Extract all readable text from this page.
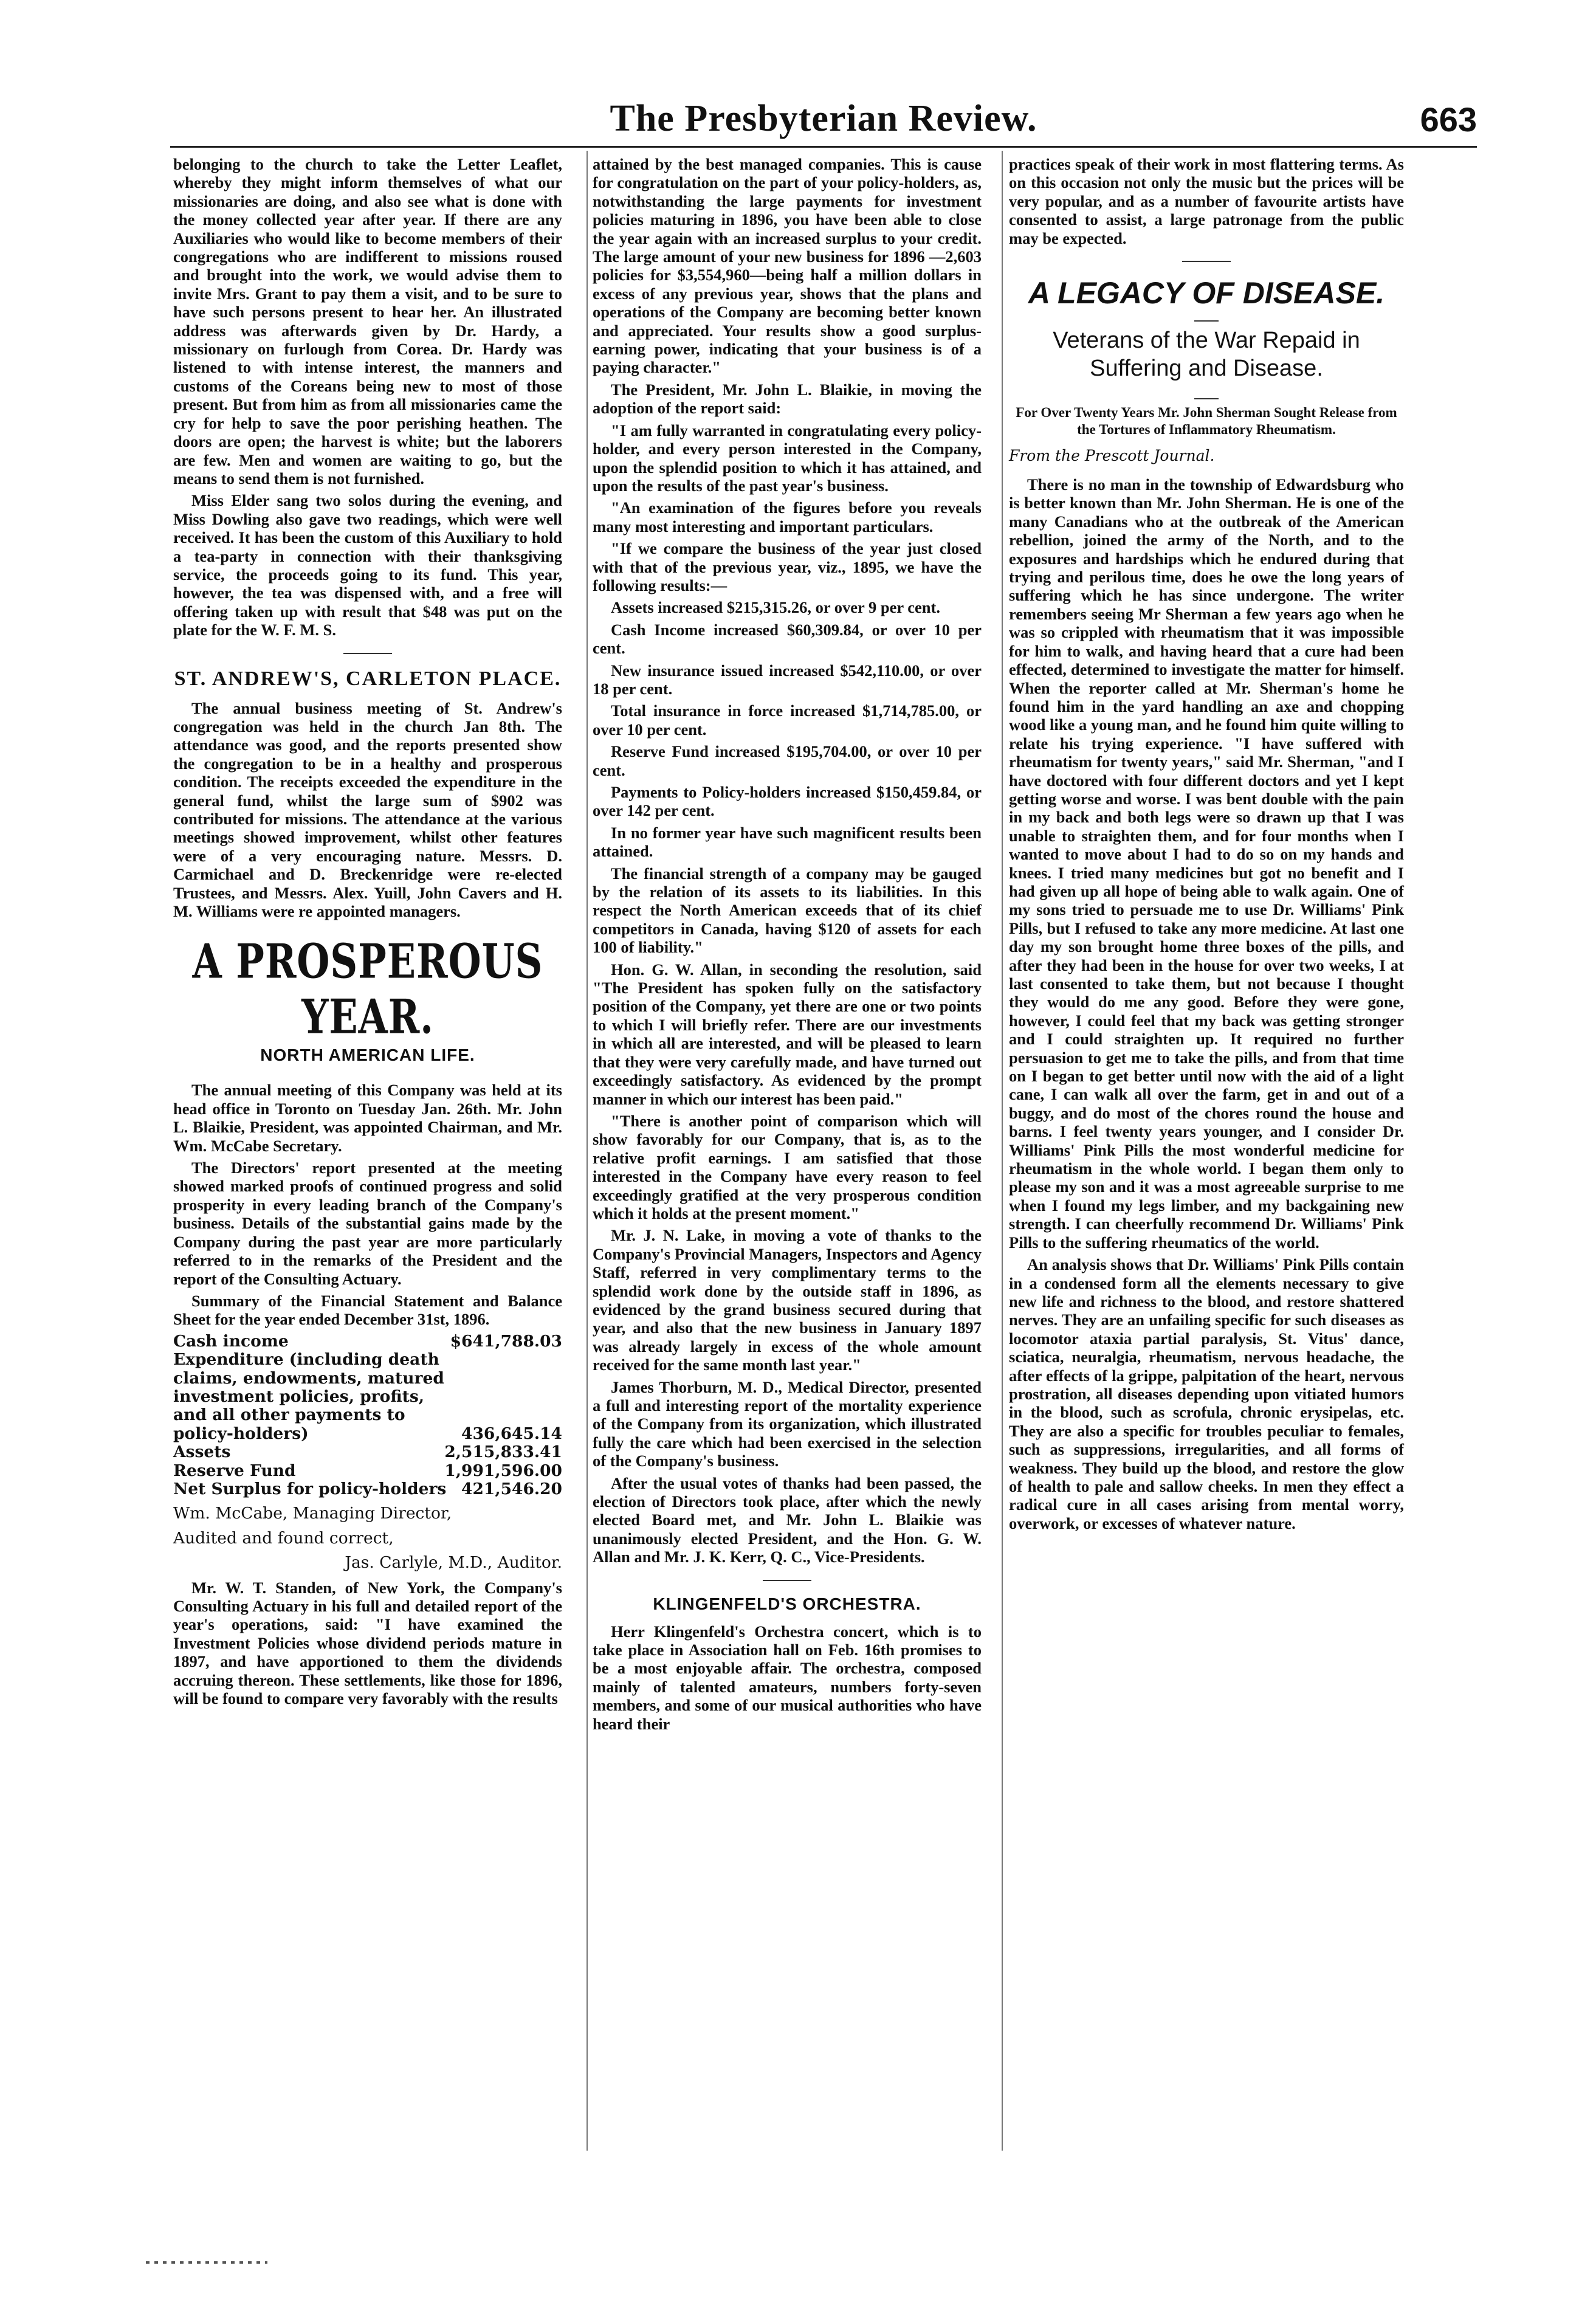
The Presbyterian Review.	663

belonging to the church to take the Letter Leaflet, whereby they might inform themselves of what our missionaries are doing, and also see what is done with the money collected year after year. If there are any Auxiliaries who would like to become members of their congregations who are indifferent to missions roused and brought into the work, we would advise them to invite Mrs. Grant to pay them a visit, and to be sure to have such persons present to hear her. An illustrated address was afterwards given by Dr. Hardy, a missionary on furlough from Corea. Dr. Hardy was listened to with intense interest, the manners and customs of the Coreans being new to most of those present. But from him as from all missionaries came the cry for help to save the poor perishing heathen. The doors are open; the harvest is white; but the laborers are few. Men and women are waiting to go, but the means to send them is not furnished.

Miss Elder sang two solos during the evening, and Miss Dowling also gave two readings, which were well received. It has been the custom of this Auxiliary to hold a tea-party in connection with their thanksgiving service, the proceeds going to its fund. This year, however, the tea was dispensed with, and a free will offering taken up with result that $48 was put on the plate for the W. F. M. S.

ST. ANDREW'S, CARLETON PLACE.

The annual business meeting of St. Andrew's congregation was held in the church Jan 8th. The attendance was good, and the reports presented show the congregation to be in a healthy and prosperous condition. The receipts exceeded the expenditure in the general fund, whilst the large sum of $902 was contributed for missions. The attendance at the various meetings showed improvement, whilst other features were of a very encouraging nature. Messrs. D. Carmichael and D. Breckenridge were re-elected Trustees, and Messrs. Alex. Yuill, John Cavers and H. M. Williams were re appointed managers.

A PROSPEROUS YEAR.
NORTH AMERICAN LIFE.

The annual meeting of this Company was held at its head office in Toronto on Tuesday Jan. 26th. Mr. John L. Blaikie, President, was appointed Chairman, and Mr. Wm. McCabe Secretary.

The Directors' report presented at the meeting showed marked proofs of continued progress and solid prosperity in every leading branch of the Company's business. Details of the substantial gains made by the Company during the past year are more particularly referred to in the remarks of the President and the report of the Consulting Actuary.

Summary of the Financial Statement and Balance Sheet for the year ended December 31st, 1896.

Cash income	$641,788.03
Expenditure (including death claims, endowments, matured investment policies, profits, and all other payments to policy-holders)	436,645.14
Assets	2,515,833.41
Reserve Fund	1,991,596.00
Net Surplus for policy-holders 421,546.20
Wm. McCabe, Managing Director,
Audited and found correct,
Jas. Carlyle, M.D., Auditor.

Mr. W. T. Standen, of New York, the Company's Consulting Actuary in his full and detailed report of the year's operations, said: "I have examined the Investment Policies whose dividend periods mature in 1897, and have apportioned to them the dividends accruing thereon. These settlements, like those for 1896, will be found to compare very favorably with the results

attained by the best managed companies. This is cause for congratulation on the part of your policy-holders, as, notwithstanding the large payments for investment policies maturing in 1896, you have been able to close the year again with an increased surplus to your credit. The large amount of your new business for 1896 —2,603 policies for $3,554,960—being half a million dollars in excess of any previous year, shows that the plans and operations of the Company are becoming better known and appreciated. Your results show a good surplus-earning power, indicating that your business is of a paying character."

The President, Mr. John L. Blaikie, in moving the adoption of the report said:

"I am fully warranted in congratulating every policy-holder, and every person interested in the Company, upon the splendid position to which it has attained, and upon the results of the past year's business.

"An examination of the figures before you reveals many most interesting and important particulars.

"If we compare the business of the year just closed with that of the previous year, viz., 1895, we have the following results:—

Assets increased $215,315.26, or over 9 per cent.

Cash Income increased $60,309.84, or over 10 per cent.

New insurance issued increased $542,110.00, or over 18 per cent.

Total insurance in force increased $1,714,785.00, or over 10 per cent.

Reserve Fund increased $195,704.00, or over 10 per cent.

Payments to Policy-holders increased $150,459.84, or over 142 per cent.

In no former year have such magnificent results been attained.

The financial strength of a company may be gauged by the relation of its assets to its liabilities. In this respect the North American exceeds that of its chief competitors in Canada, having $120 of assets for each 100 of liability."

Hon. G. W. Allan, in seconding the resolution, said "The President has spoken fully on the satisfactory position of the Company, yet there are one or two points to which I will briefly refer. There are our investments in which all are interested, and will be pleased to learn that they were very carefully made, and have turned out exceedingly satisfactory. As evidenced by the prompt manner in which our interest has been paid."

"There is another point of comparison which will show favorably for our Company, that is, as to the relative profit earnings. I am satisfied that those interested in the Company have every reason to feel exceedingly gratified at the very prosperous condition which it holds at the present moment."

Mr. J. N. Lake, in moving a vote of thanks to the Company's Provincial Managers, Inspectors and Agency Staff, referred in very complimentary terms to the splendid work done by the outside staff in 1896, as evidenced by the grand business secured during that year, and also that the new business in January 1897 was already largely in excess of the whole amount received for the same month last year."

James Thorburn, M. D., Medical Director, presented a full and interesting report of the mortality experience of the Company from its organization, which illustrated fully the care which had been exercised in the selection of the Company's business.

After the usual votes of thanks had been passed, the election of Directors took place, after which the newly elected Board met, and Mr. John L. Blaikie was unanimously elected President, and the Hon. G. W. Allan and Mr. J. K. Kerr, Q. C., Vice-Presidents.

KLINGENFELD'S ORCHESTRA.

Herr Klingenfeld's Orchestra concert, which is to take place in Association hall on Feb. 16th promises to be a most enjoyable affair. The orchestra, composed mainly of talented amateurs, numbers forty-seven members, and some of our musical authorities who have heard their

practices speak of their work in most flattering terms. As on this occasion not only the music but the prices will be very popular, and as a number of favourite artists have consented to assist, a large patronage from the public may be expected.

A LEGACY OF DISEASE.
Veterans of the War Repaid in Suffering and Disease.
For Over Twenty Years Mr. John Sherman Sought Release from the Tortures of Inflammatory Rheumatism.
From the Prescott Journal.

There is no man in the township of Edwardsburg who is better known than Mr. John Sherman. He is one of the many Canadians who at the outbreak of the American rebellion, joined the army of the North, and to the exposures and hardships which he endured during that trying and perilous time, does he owe the long years of suffering which he has since undergone. The writer remembers seeing Mr Sherman a few years ago when he was so crippled with rheumatism that it was impossible for him to walk, and having heard that a cure had been effected, determined to investigate the matter for himself. When the reporter called at Mr. Sherman's home he found him in the yard handling an axe and chopping wood like a young man, and he found him quite willing to relate his trying experience. "I have suffered with rheumatism for twenty years," said Mr. Sherman, "and I have doctored with four different doctors and yet I kept getting worse and worse. I was bent double with the pain in my back and both legs were so drawn up that I was unable to straighten them, and for four months when I wanted to move about I had to do so on my hands and knees. I tried many medicines but got no benefit and I had given up all hope of being able to walk again. One of my sons tried to persuade me to use Dr. Williams' Pink Pills, but I refused to take any more medicine. At last one day my son brought home three boxes of the pills, and after they had been in the house for over two weeks, I at last consented to take them, but not because I thought they would do me any good. Before they were gone, however, I could feel that my back was getting stronger and I could straighten up. It required no further persuasion to get me to take the pills, and from that time on I began to get better until now with the aid of a light cane, I can walk all over the farm, get in and out of a buggy, and do most of the chores round the house and barns. I feel twenty years younger, and I consider Dr. Williams' Pink Pills the most wonderful medicine for rheumatism in the whole world. I began them only to please my son and it was a most agreeable surprise to me when I found my legs limber, and my backgaining new strength. I can cheerfully recommend Dr. Williams' Pink Pills to the suffering rheumatics of the world.

An analysis shows that Dr. Williams' Pink Pills contain in a condensed form all the elements necessary to give new life and richness to the blood, and restore shattered nerves. They are an unfailing specific for such diseases as locomotor ataxia partial paralysis, St. Vitus' dance, sciatica, neuralgia, rheumatism, nervous headache, the after effects of la grippe, palpitation of the heart, nervous prostration, all diseases depending upon vitiated humors in the blood, such as scrofula, chronic erysipelas, etc. They are also a specific for troubles peculiar to females, such as suppressions, irregularities, and all forms of weakness. They build up the blood, and restore the glow of health to pale and sallow cheeks. In men they effect a radical cure in all cases arising from mental worry, overwork, or excesses of whatever nature.
